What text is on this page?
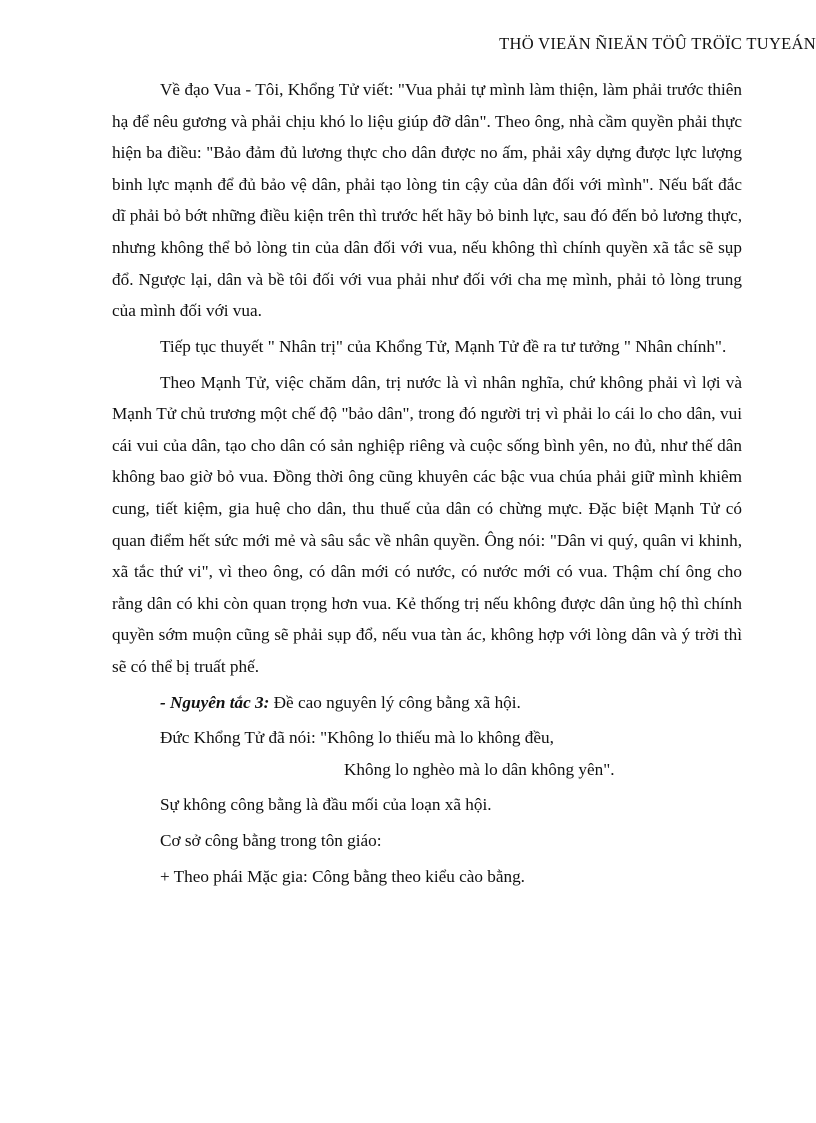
THÖ VIEÄN ÑIEÄN TÖÛ TRÖÏC TUYEÁN

Về đạo Vua - Tôi, Khổng Tử viết: "Vua phải tự mình làm thiện, làm phải trước thiên hạ để nêu gương và phải chịu khó lo liệu giúp đỡ dân". Theo ông, nhà cầm quyền phải thực hiện ba điều: "Bảo đảm đủ lương thực cho dân được no ấm, phải xây dựng được lực lượng binh lực mạnh để đủ bảo vệ dân, phải tạo lòng tin cậy của dân đối với mình". Nếu bất đắc dĩ phải bỏ bớt những điều kiện trên thì trước hết hãy bỏ binh lực, sau đó đến bỏ lương thực, nhưng không thể bỏ lòng tin của dân đối với vua, nếu không thì chính quyền xã tắc sẽ sụp đổ. Ngược lại, dân và bề tôi đối với vua phải như đối với cha mẹ mình, phải tỏ lòng trung của mình đối với vua.

Tiếp tục thuyết " Nhân trị" của Khổng Tử, Mạnh Tử đề ra tư tưởng " Nhân chính".

Theo Mạnh Tử, việc chăm dân, trị nước là vì nhân nghĩa, chứ không phải vì lợi và Mạnh Tử chủ trương một chế độ "bảo dân", trong đó người trị vì phải lo cái lo cho dân, vui cái vui của dân, tạo cho dân có sản nghiệp riêng và cuộc sống bình yên, no đủ, như thế dân không bao giờ bỏ vua. Đồng thời ông cũng khuyên các bậc vua chúa phải giữ mình khiêm cung, tiết kiệm, gia huệ cho dân, thu thuế của dân có chừng mực. Đặc biệt Mạnh Tử có quan điểm hết sức mới mẻ và sâu sắc về nhân quyền. Ông nói: "Dân vi quý, quân vi khinh, xã tắc thứ vi", vì theo ông, có dân mới có nước, có nước mới có vua. Thậm chí ông cho rằng dân có khi còn quan trọng hơn vua. Kẻ thống trị nếu không được dân ủng hộ thì chính quyền sớm muộn cũng sẽ phải sụp đổ, nếu vua tàn ác, không hợp với lòng dân và ý trời thì sẽ có thể bị truất phế.

- Nguyên tắc 3: Đề cao nguyên lý công bằng xã hội.

Đức Khổng Tử đã nói: "Không lo thiếu mà lo không đều,

Không lo nghèo mà lo dân không yên".

Sự không công bằng là đầu mối của loạn xã hội.

Cơ sở công bằng trong tôn giáo:

+ Theo phái Mặc gia: Công bằng theo kiểu cào bằng.
